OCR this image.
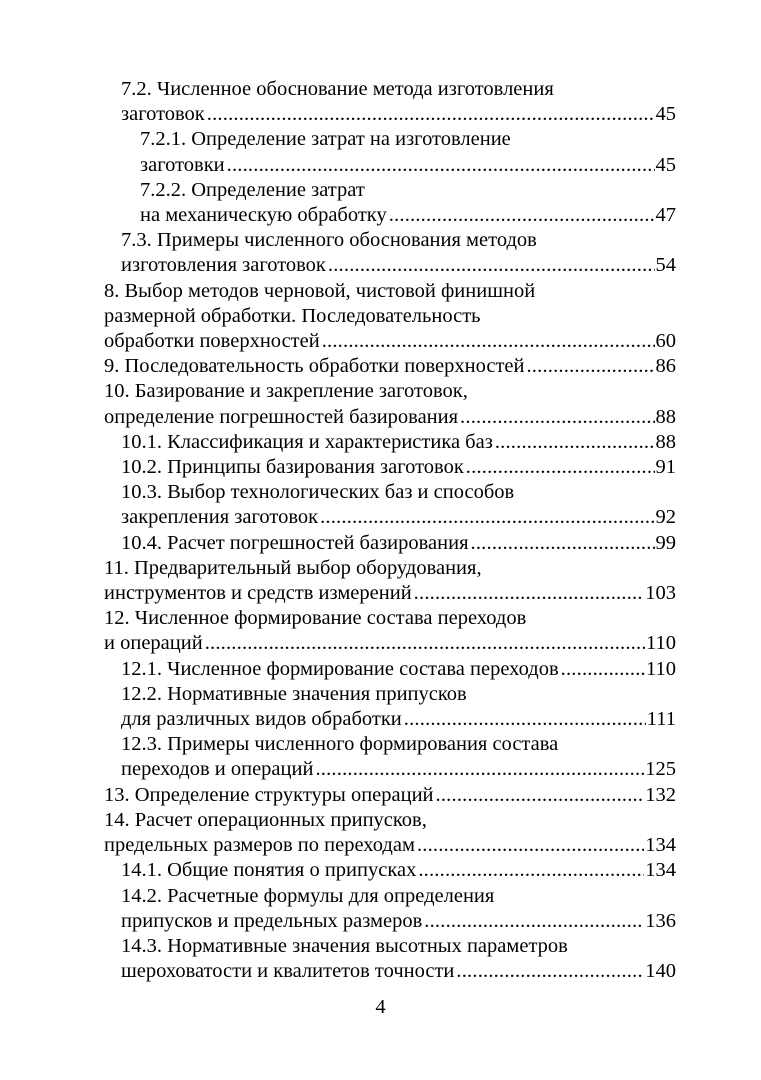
7.2. Численное обоснование метода изготовления
заготовок .....	45
7.2.1. Определение затрат на изготовление
заготовки .....	45
7.2.2. Определение затрат
на механическую обработку .....	47
7.3. Примеры численного обоснования методов
изготовления заготовок .....	54
8. Выбор методов черновой, чистовой финишной
размерной обработки. Последовательность
обработки поверхностей .....	60
9. Последовательность обработки поверхностей .....	86
10. Базирование и закрепление заготовок,
определение погрешностей базирования .....	88
10.1. Классификация и характеристика баз .....	88
10.2. Принципы базирования заготовок .....	91
10.3. Выбор технологических баз и способов
закрепления заготовок .....	92
10.4. Расчет погрешностей базирования .....	99
11. Предварительный выбор оборудования,
инструментов и средств измерений .....	103
12. Численное формирование состава переходов
и операций .....	110
12.1. Численное формирование состава переходов .....	110
12.2. Нормативные значения припусков
для различных видов обработки .....	111
12.3. Примеры численного формирования состава
переходов и операций .....	125
13. Определение структуры операций .....	132
14. Расчет операционных припусков,
предельных размеров по переходам .....	134
14.1. Общие понятия о припусках .....	134
14.2. Расчетные формулы для определения
припусков и предельных размеров .....	136
14.3. Нормативные значения высотных параметров
шероховатости и квалитетов точности .....	140
4
